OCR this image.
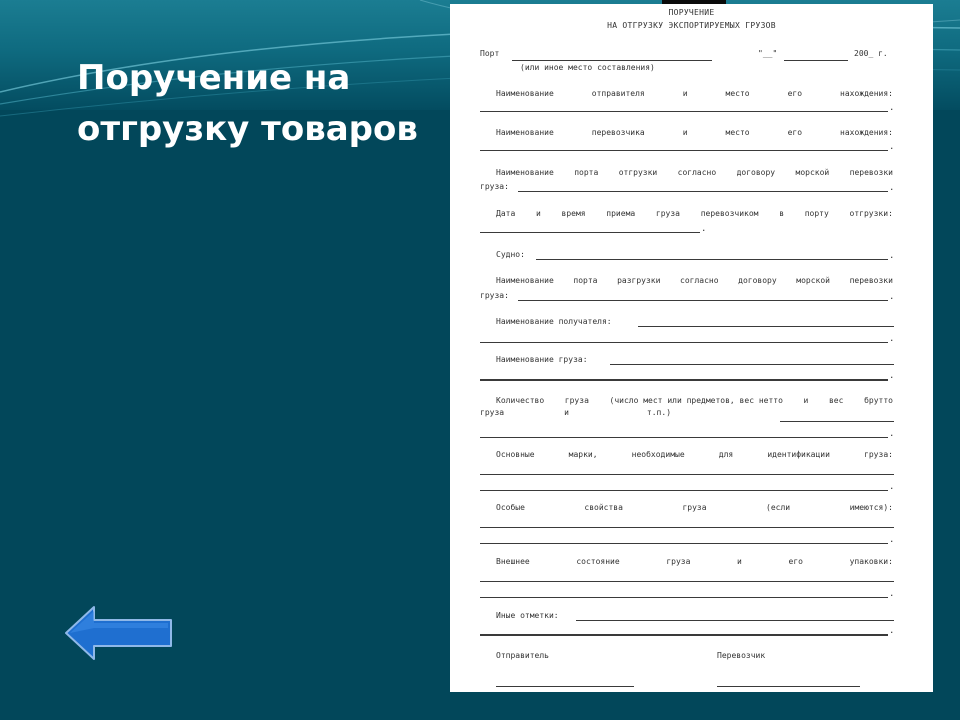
Поручение на отгрузку товаров
ПОРУЧЕНИЕ
НА ОТГРУЗКУ ЭКСПОРТИРУЕМЫХ ГРУЗОВ
Порт	"__"	200_ г.
(или иное место составления)
Наименование	отправителя	и	место	его	нахождения:
.
Наименование	перевозчика	и	место	его	нахождения:
.
Наименование	порта	отгрузки	согласно	договору	морской	перевозки
груза:	.
Дата	и	время	приема	груза	перевозчиком	в	порту	отгрузки:
.
Судно:	.
Наименование порта разгрузки согласно договору морской перевозки
груза:	.
Наименование получателя:
.
Наименование груза:
.
Количество	груза	(число мест или предметов, вес нетто	и	вес	брутто
груза	и	т.п.)
.
Основные	марки,	необходимые	для	идентификации	груза:
.
Особые	свойства	груза	(если	имеются):
.
Внешнее	состояние	груза	и	его	упаковки:
.
Иные отметки:
.
Отправитель	Перевозчик
